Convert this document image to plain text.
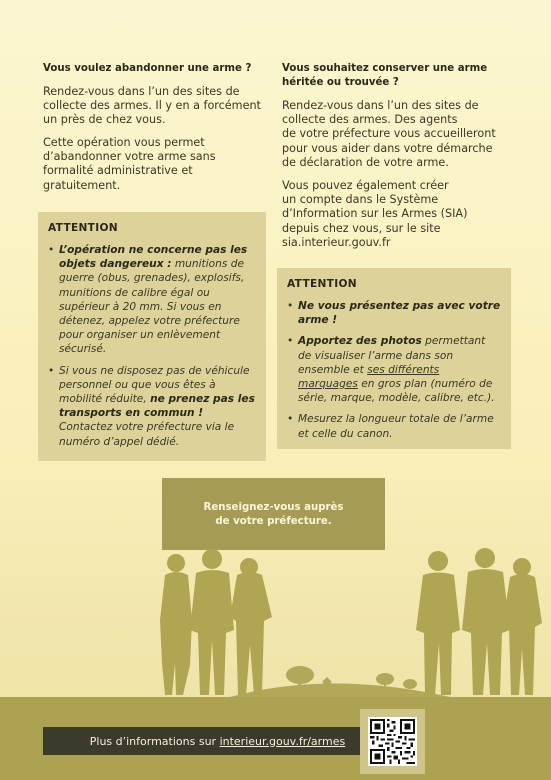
Vous voulez abandonner une arme ?
Rendez-vous dans l’un des sites de
collecte des armes. Il y en a forcément
un près de chez vous.
Cette opération vous permet
d’abandonner votre arme sans
formalité administrative et
gratuitement.
ATTENTION
• L’opération ne concerne pas les objets dangereux : munitions de guerre (obus, grenades), explosifs, munitions de calibre égal ou supérieur à 20 mm. Si vous en détenez, appelez votre préfecture pour organiser un enlèvement sécurisé.
• Si vous ne disposez pas de véhicule personnel ou que vous êtes à mobilité réduite, ne prenez pas les transports en commun ! Contactez votre préfecture via le numéro d’appel dédié.
Vous souhaitez conserver une arme
héritée ou trouvée ?
Rendez-vous dans l’un des sites de
collecte des armes. Des agents
de votre préfecture vous accueilleront
pour vous aider dans votre démarche
de déclaration de votre arme.
Vous pouvez également créer
un compte dans le Système
d’Information sur les Armes (SIA)
depuis chez vous, sur le site
sia.interieur.gouv.fr
ATTENTION
• Ne vous présentez pas avec votre arme !
• Apportez des photos permettant de visualiser l’arme dans son ensemble et ses différents marquages en gros plan (numéro de série, marque, modèle, calibre, etc.).
• Mesurez la longueur totale de l’arme et celle du canon.
Renseignez-vous auprès
de votre préfecture.
Plus d’informations sur interieur.gouv.fr/armes
